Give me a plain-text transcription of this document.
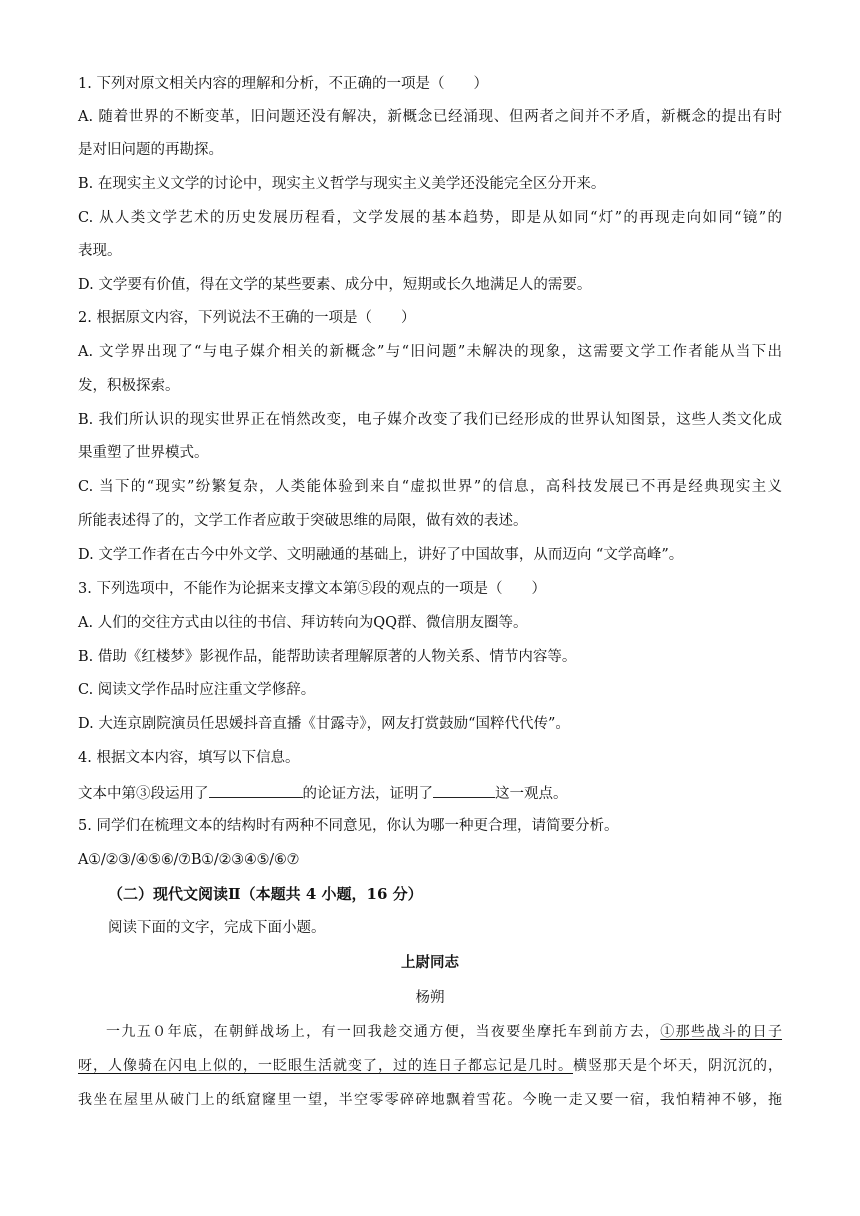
1. 下列对原文相关内容的理解和分析，不正确的一项是（　　）
A. 随着世界的不断变革，旧问题还没有解决，新概念已经涌现、但两者之间并不矛盾，新概念的提出有时
是对旧问题的再勘探。
B. 在现实主义文学的讨论中，现实主义哲学与现实主义美学还没能完全区分开来。
C. 从人类文学艺术的历史发展历程看，文学发展的基本趋势，即是从如同“灯”的再现走向如同“镜”的
表现。
D. 文学要有价值，得在文学的某些要素、成分中，短期或长久地满足人的需要。
2. 根据原文内容，下列说法不王确的一项是（　　）
A. 文学界出现了“与电子媒介相关的新概念”与“旧问题”未解决的现象，这需要文学工作者能从当下出
发，积极探索。
B. 我们所认识的现实世界正在悄然改变，电子媒介改变了我们已经形成的世界认知图景，这些人类文化成
果重塑了世界模式。
C. 当下的“现实”纷繁复杂，人类能体验到来自“虚拟世界”的信息，高科技发展已不再是经典现实主义
所能表述得了的，文学工作者应敢于突破思维的局限，做有效的表述。
D. 文学工作者在古今中外文学、文明融通的基础上，讲好了中国故事，从而迈向 “文学高峰”。
3. 下列选项中，不能作为论据来支撑文本第⑤段的观点的一项是（　　）
A. 人们的交往方式由以往的书信、拜访转向为QQ群、微信朋友圈等。
B. 借助《红楼梦》影视作品，能帮助读者理解原著的人物关系、情节内容等。
C. 阅读文学作品时应注重文学修辞。
D. 大连京剧院演员任思媛抖音直播《甘露寺》，网友打赏鼓励“国粹代代传”。
4. 根据文本内容，填写以下信息。
文本中第③段运用了	的论证方法，证明了	这一观点。
5. 同学们在梳理文本的结构时有两种不同意见，你认为哪一种更合理，请简要分析。
A①/②③/④⑤⑥/⑦B①/②③④⑤/⑥⑦
（二）现代文阅读Ⅱ（本题共 4 小题，16 分）
阅读下面的文字，完成下面小题。
上尉同志
杨朔
一九五０年底，在朝鲜战场上，有一回我趁交通方便，当夜要坐摩托车到前方去，①那些战斗的日子
呀，人像骑在闪电上似的，一眨眼生活就变了，过的连日子都忘记是几时。横竖那天是个坏天，阴沉沉的，
我坐在屋里从破门上的纸窟窿里一望，半空零零碎碎地飘着雪花。今晚一走又要一宿，我怕精神不够，拖
